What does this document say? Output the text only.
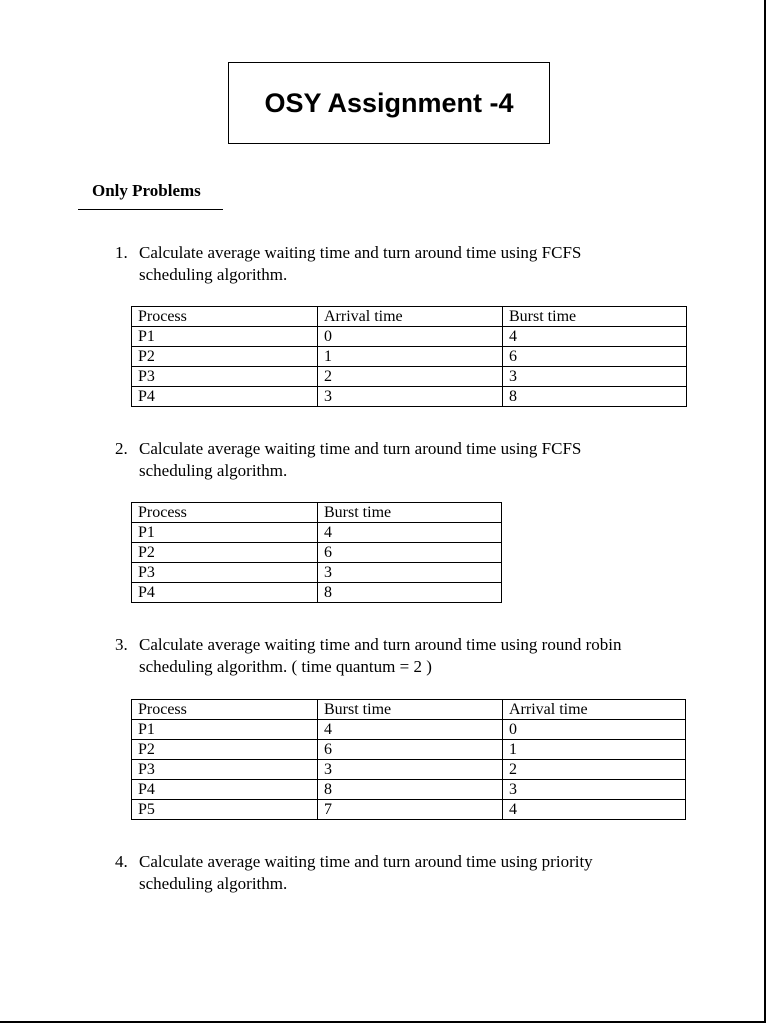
OSY Assignment -4
Only Problems
1. Calculate average waiting time and turn around time using FCFS scheduling algorithm.
Process	Arrival time	Burst time
P1	0	4
P2	1	6
P3	2	3
P4	3	8
2. Calculate average waiting time and turn around time using FCFS scheduling algorithm.
Process	Burst time
P1	4
P2	6
P3	3
P4	8
3. Calculate average waiting time and turn around time using round robin scheduling algorithm. ( time quantum = 2 )
Process	Burst time	Arrival time
P1	4	0
P2	6	1
P3	3	2
P4	8	3
P5	7	4
4. Calculate average waiting time and turn around time using priority scheduling algorithm.
